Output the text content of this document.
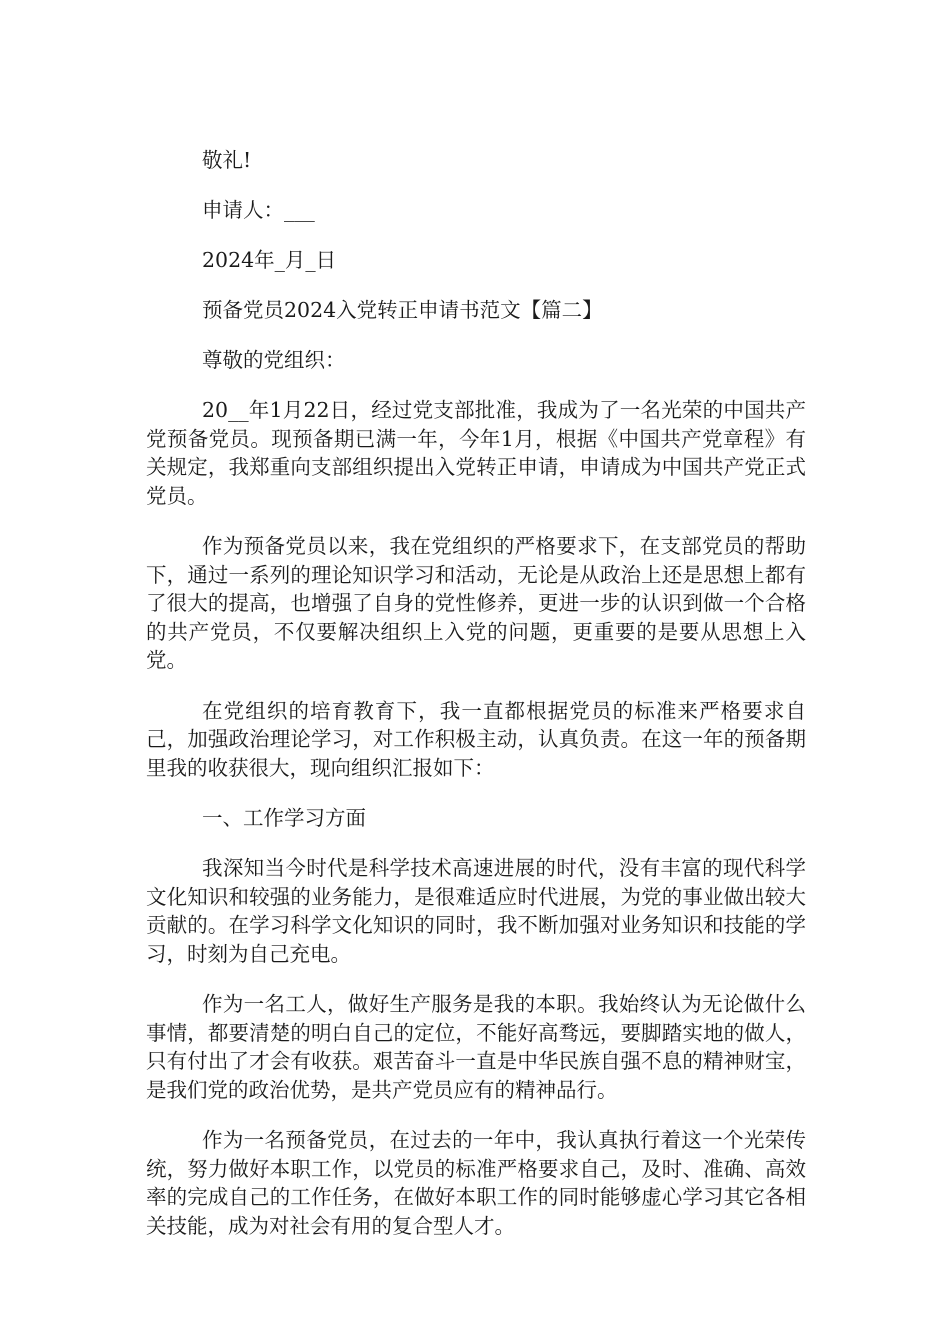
敬礼!

申请人：___

2024年_月_日

预备党员2024入党转正申请书范文【篇二】

尊敬的党组织：

20__年1月22日，经过党支部批准，我成为了一名光荣的中国共产党预备党员。现预备期已满一年，今年1月，根据《中国共产党章程》有关规定，我郑重向支部组织提出入党转正申请，申请成为中国共产党正式党员。

作为预备党员以来，我在党组织的严格要求下，在支部党员的帮助下，通过一系列的理论知识学习和活动，无论是从政治上还是思想上都有了很大的提高，也增强了自身的党性修养，更进一步的认识到做一个合格的共产党员，不仅要解决组织上入党的问题，更重要的是要从思想上入党。

在党组织的培育教育下，我一直都根据党员的标准来严格要求自己，加强政治理论学习，对工作积极主动，认真负责。在这一年的预备期里我的收获很大，现向组织汇报如下：

一、工作学习方面

我深知当今时代是科学技术高速进展的时代，没有丰富的现代科学文化知识和较强的业务能力，是很难适应时代进展，为党的事业做出较大贡献的。在学习科学文化知识的同时，我不断加强对业务知识和技能的学习，时刻为自己充电。

作为一名工人，做好生产服务是我的本职。我始终认为无论做什么事情，都要清楚的明白自己的定位，不能好高骛远，要脚踏实地的做人，只有付出了才会有收获。艰苦奋斗一直是中华民族自强不息的精神财宝，是我们党的政治优势，是共产党员应有的精神品行。

作为一名预备党员，在过去的一年中，我认真执行着这一个光荣传统，努力做好本职工作，以党员的标准严格要求自己，及时、准确、高效率的完成自己的工作任务，在做好本职工作的同时能够虚心学习其它各相关技能，成为对社会有用的复合型人才。
